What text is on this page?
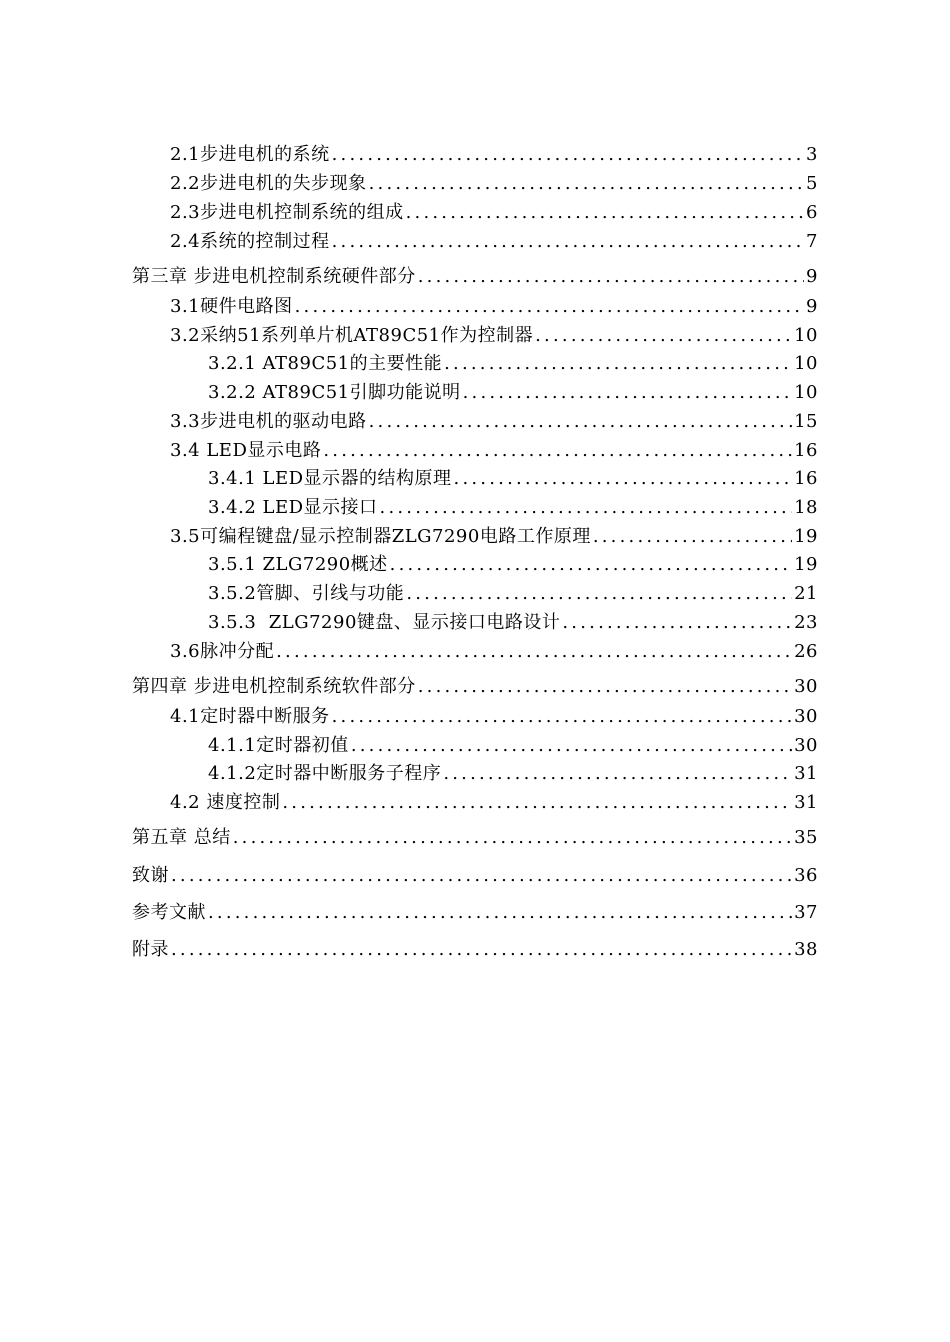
2.1步进电机的系统 .....	3
2.2步进电机的失步现象 .....	5
2.3步进电机控制系统的组成 .....	6
2.4系统的控制过程 .....	7
第三章 步进电机控制系统硬件部分 .....	9
3.1硬件电路图 .....	9
3.2采纳51系列单片机AT89C51作为控制器 .....	10
3.2.1 AT89C51的主要性能 .....	10
3.2.2 AT89C51引脚功能说明 .....	10
3.3步进电机的驱动电路 .....	15
3.4 LED显示电路 .....	16
3.4.1 LED显示器的结构原理 .....	16
3.4.2 LED显示接口 .....	18
3.5可编程键盘/显示控制器ZLG7290电路工作原理 .....	19
3.5.1 ZLG7290概述 .....	19
3.5.2管脚、引线与功能 .....	21
3.5.3  ZLG7290键盘、显示接口电路设计 .....	23
3.6脉冲分配 .....	26
第四章 步进电机控制系统软件部分 .....	30
4.1定时器中断服务 .....	30
4.1.1定时器初值 .....	30
4.1.2定时器中断服务子程序 .....	31
4.2 速度控制 .....	31
第五章 总结 .....	35
致谢 .....	36
参考文献 .....	37
附录 .....	38
